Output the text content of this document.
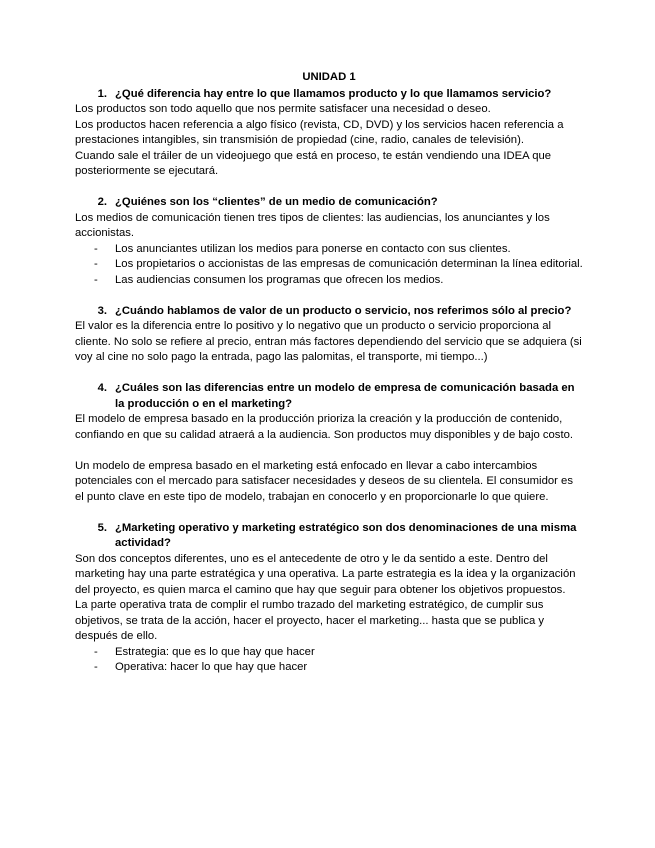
UNIDAD 1
1. ¿Qué diferencia hay entre lo que llamamos producto y lo que llamamos servicio?

Los productos son todo aquello que nos permite satisfacer una necesidad o deseo.

Los productos hacen referencia a algo físico (revista, CD, DVD) y los servicios hacen referencia a prestaciones intangibles, sin transmisión de propiedad (cine, radio, canales de televisión).

Cuando sale el tráiler de un videojuego que está en proceso, te están vendiendo una IDEA que posteriormente se ejecutará.

2. ¿Quiénes son los “clientes” de un medio de comunicación?

Los medios de comunicación tienen tres tipos de clientes: las audiencias, los anunciantes y los accionistas.

-	Los anunciantes utilizan los medios para ponerse en contacto con sus clientes.
-	Los propietarios o accionistas de las empresas de comunicación determinan la línea editorial.
-	Las audiencias consumen los programas que ofrecen los medios.
3. ¿Cuándo hablamos de valor de un producto o servicio, nos referimos sólo al precio?

El valor es la diferencia entre lo positivo y lo negativo que un producto o servicio proporciona al cliente. No solo se refiere al precio, entran más factores dependiendo del servicio que se adquiera (si voy al cine no solo pago la entrada, pago las palomitas, el transporte, mi tiempo...)

4. ¿Cuáles son las diferencias entre un modelo de empresa de comunicación basada en la producción o en el marketing?

El modelo de empresa basado en la producción prioriza la creación y la producción de contenido, confiando en que su calidad atraerá a la audiencia. Son productos muy disponibles y de bajo costo.

Un modelo de empresa basado en el marketing está enfocado en llevar a cabo intercambios potenciales con el mercado para satisfacer necesidades y deseos de su clientela. El consumidor es el punto clave en este tipo de modelo, trabajan en conocerlo y en proporcionarle lo que quiere.

5. ¿Marketing operativo y marketing estratégico son dos denominaciones de una misma actividad?

Son dos conceptos diferentes, uno es el antecedente de otro y le da sentido a este. Dentro del marketing hay una parte estratégica y una operativa. La parte estrategia es la idea y la organización del proyecto, es quien marca el camino que hay que seguir para obtener los objetivos propuestos.

La parte operativa trata de complir el rumbo trazado del marketing estratégico, de cumplir sus objetivos, se trata de la acción, hacer el proyecto, hacer el marketing... hasta que se publica y después de ello.

-	Estrategia: que es lo que hay que hacer
-	Operativa: hacer lo que hay que hacer
